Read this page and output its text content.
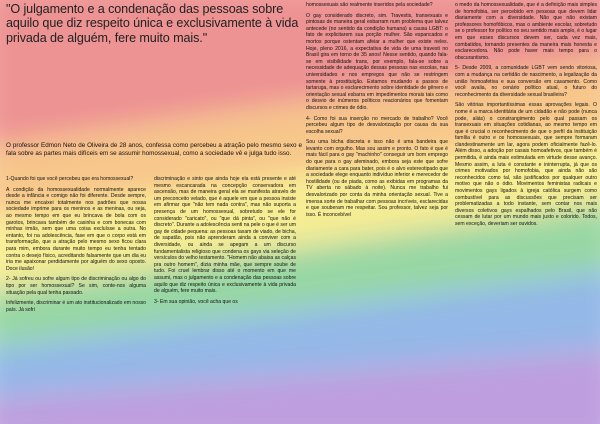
"O julgamento e a condenação das pessoas sobre aquilo que diz respeito única e exclusivamente à vida privada de alguém, fere muito mais."

O professor Edmon Neto de Oliveira de 28 anos, confessa como percebeu a atração pelo mesmo sexo e fala sobre as partes mais difíceis em se assumir homossexual, como a sociedade vê e julga tudo isso.

1-Quando foi que você percebeu que era homossexual?

A condição da homossexualidade normalmente aparece desde a infância e comigo não foi diferente. Desde sempre, nunca me encaixei totalmente nos padrões que nossa sociedade imprime para os meninos e as meninas, ou seja, ao mesmo tempo em que eu brincava de bola com os garotos, brincava também de casinha e com bonecas com minhas irmãs, sem que uma coisa excluísse a outra. No entanto, foi na adolescência, fase em que o corpo está em transformação, que a atração pelo mesmo sexo ficou clara para mim, embora durante muito tempo eu tenha tentado contra o desejo físico, acreditando falsamente que um dia eu iria me apaixonar perdidamente por alguém do sexo oposto. Doce ilusão!

2- Já sofreu ou sofre algum tipo de discriminação ou algo do tipo por ser homossexual? Se sim, conte-nos alguma situação pela qual tenha passado.

Infelizmente, discriminar é um ato institucionalizado em nosso país. Já sofri

discriminação e sinto que ainda hoje ela está presente e até mesmo escancarada na concepção conservadora em ascensão, mas de maneira geral ela se manifesta através de um preconceito velado, que é aquele em que a pessoa insiste em afirmar que "não tem nada contra", mas não suporta a presença de um homossexual, sobretudo se ele for considerado "caricato", ou "que dá pinta", ou "que não é discreto". Durante a adolescência senti na pele o que é ser um gay de cidade pequena: as pessoas taxam de viado, de bicha, de sapatão, pois não aprenderam ainda a conviver com a diversidade, ou ainda se apegam a um discurso fundamentalista religioso que condena os gays via seleção de versículos do velho testamento. "Homem não abaixa as calças pra outro homem", dizia minha mãe, que sempre soube de tudo. Foi cruel lembrar disso até o momento em que me assumi, mas o julgamento e a condenação das pessoas sobre aquilo que diz respeito única e exclusivamente à vida privada de alguém, fere muito mais.

3- Em sua opinião, você acha que os

homossexuais são realmente inseridos pela sociedade?

O gay considerado discreto, sim. Travestis, transexuais e pintosas de maneira geral esbarram num problema que talvez antecede (no sentido da condição humana) a causa LGBT: o fato de explicitarem sua porção mulher. São espancados e mortos porque ostentam afeiar a mulher que existe neles. Hoje, pleno 2016, a expectativa de vida de uma travesti no Brasil gira em torno de 35 anos! Nesse sentido, quando fala-se em visibilidade trans, por exemplo, fala-se sobre a necessidade de adequação dessas pessoas nas escolas, nas universidades e nos empregos que não se restringem somente à prostituição. Estamos mudando a passos de tartaruga, mas o esclarecimento sobre identidade de gênero e orientação sexual esbarra em impedimentos morais tais como o desvio de inúmeros políticos reacionários que fomentam discursos e crimes de ódio.

4- Como foi sua inserção no mercado de trabalho? Você percebeu algum tipo de desvalorização por causa da sua escolha sexual?

Sou uma bicha discreta e isso não é uma bandeira que levanto com orgulho. Mas sou assim e pronto. O fato é que é mais fácil para o gay "machinho" conseguir um bom emprego do que para o gay afeminado, embora seja este que sofre diariamente a cara para bater, pois é o alvo estereotipado que a sociedade elege enquanto indivíduo inferior e merecedor de hostilidade (ou de piada, como as exibidas em programas da TV aberta no sábado à noite). Nunca me trabalho fui desvalorizado por conta da minha orientação sexual. Tive a imensa sorte de trabalhar com pessoas incríveis, esclarecidas e que souberam me respeitar. Sou professor, talvez seja por isso. É inconcebível

o medo da homossexualidade, que é a definição mais simples de homofobia, ser percebido em pessoas que devem lidar diariamente com a diversidade. Não que não existam professores homofóbicos, mas o ambiente escolar, sobretudo se o professor for político no seu sentido mais amplo, é o lugar em que esses discursos devem ser, cada vez mais, combatidos, tornando presentes da maneira mais honesta e esclarecedora. Não pode haver mais tempo para o obscurantismo.

5- Desde 2009, a comunidade LGBT vem sendo vitoriosa, com a mudança na certidão de nascimento, a legalização da união homoafetiva e sua conversão em casamento. Como você avalia, no cenário político atual, o futuro do reconhecimento da diversidade sexual brasileira?

São vitórias importantíssimas essas aprovações legais. O nome é a marca identitária de um cidadão e não pode (nunca pode, aliás) o constrangimento pelo qual passam os transexuais em situações cotidianas, ao mesmo tempo em que é crucial o reconhecimento de que o perfil da instituição família é outro e os homossexuais, que sempre formaram clandestinamente um lar, agora podem oficialmente fazê-lo. Além disso, a adoção por casais homoafetivos, que também é permitida, é ainda mais estimulada em virtude desse avanço. Mesmo assim, a luta é constante e ininterrupta, já que os crimes motivados por homofobia, que ainda não são reconhecidos como tal, são justificados por qualquer outro motivo que não o ódio. Movimentos feministas radicais e movimentos gays ligados à igreja católica surgem como combustível para as discussões que precisam ser problematizadas a todo instante, sem contar nos mais diversos coletivos gays espalhados pelo Brasil, que não cessam de lutar por um mundo mais justo e colorido. Todos, sem exceção, deveriam ser ouvidos.
